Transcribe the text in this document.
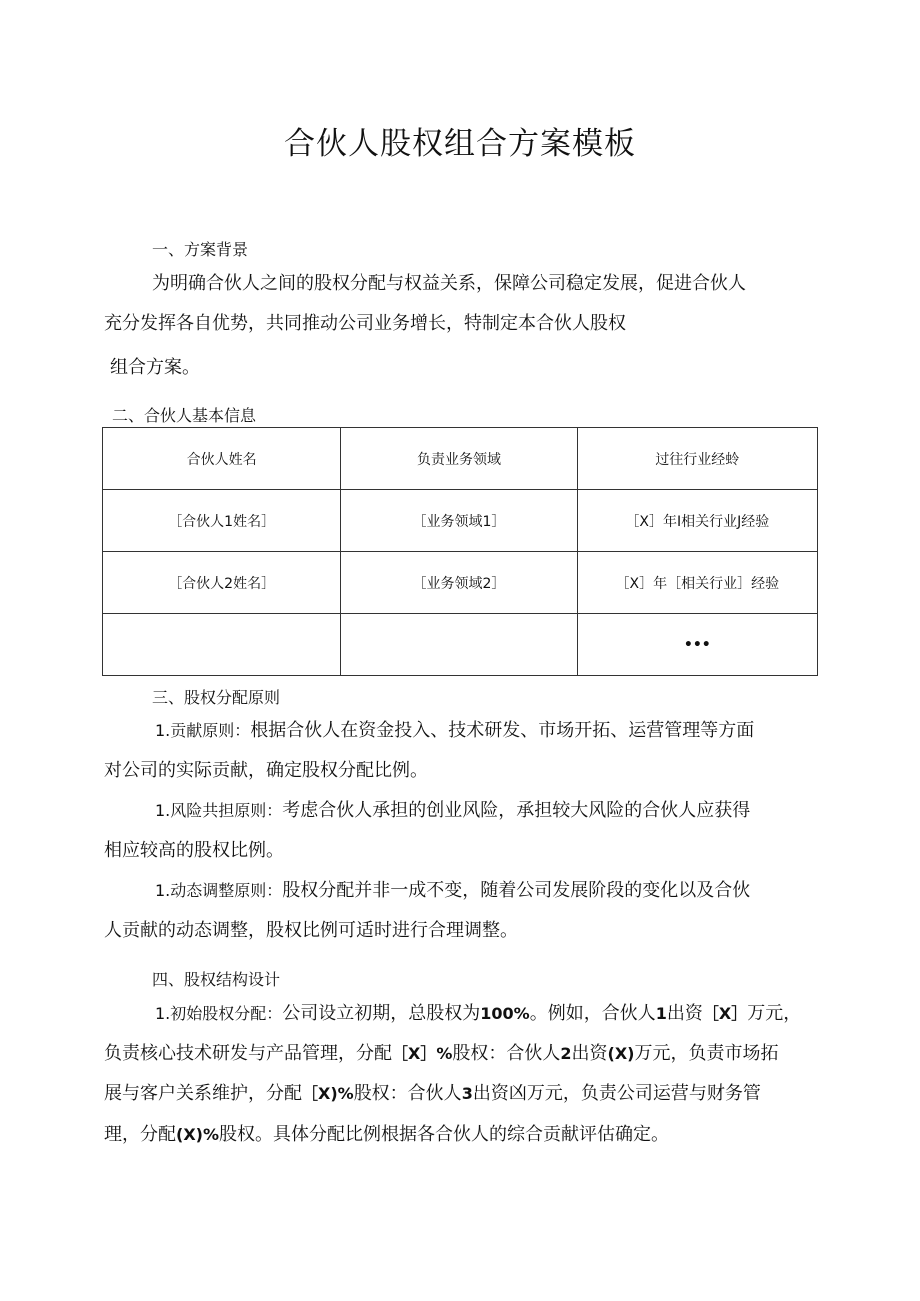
合伙人股权组合方案模板
一、方案背景
为明确合伙人之间的股权分配与权益关系，保障公司稳定发展，促进合伙人
充分发挥各自优势，共同推动公司业务增长，特制定本合伙人股权
组合方案。
二、合伙人基本信息
合伙人姓名	负责业务领域	过往行业经蛉
［合伙人1姓名］	［业务领域1］	［X］年I相关行业J经验
［合伙人2姓名］	［业务领域2］	［X］年［相关行业］经验
		•••
三、股权分配原则
1.贡献原则：根据合伙人在资金投入、技术研发、市场开拓、运营管理等方面
对公司的实际贡献，确定股权分配比例。
1.风险共担原则：考虑合伙人承担的创业风险，承担较大风险的合伙人应获得
相应较高的股权比例。
1.动态调整原则：股权分配并非一成不变，随着公司发展阶段的变化以及合伙
人贡献的动态调整，股权比例可适时进行合理调整。
四、股权结构设计
1.初始股权分配：公司设立初期，总股权为100%。例如，合伙人1出资［X］万元，
负责核心技术研发与产品管理，分配［X］%股权：合伙人2出资(X)万元，负责市场拓
展与客户关系维护，分配［X)%股权：合伙人3出资凶万元，负责公司运营与财务管
理，分配(X)%股权。具体分配比例根据各合伙人的综合贡献评估确定。
